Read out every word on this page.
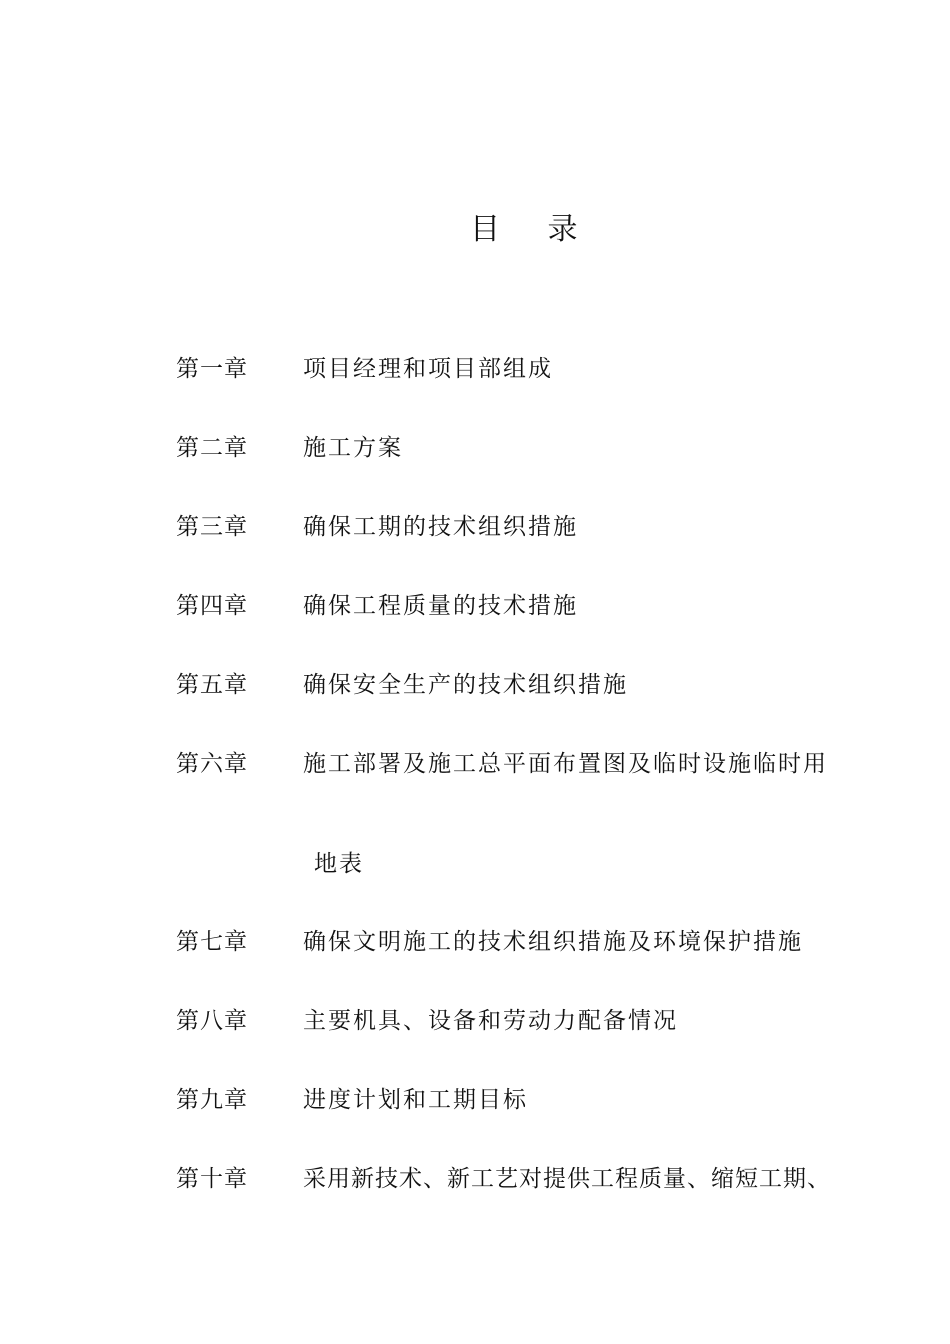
目 录
第一章 项目经理和项目部组成
第二章 施工方案
第三章 确保工期的技术组织措施
第四章 确保工程质量的技术措施
第五章 确保安全生产的技术组织措施
第六章 施工部署及施工总平面布置图及临时设施临时用
地表
第七章 确保文明施工的技术组织措施及环境保护措施
第八章 主要机具、设备和劳动力配备情况
第九章 进度计划和工期目标
第十章 采用新技术、新工艺对提供工程质量、缩短工期、
